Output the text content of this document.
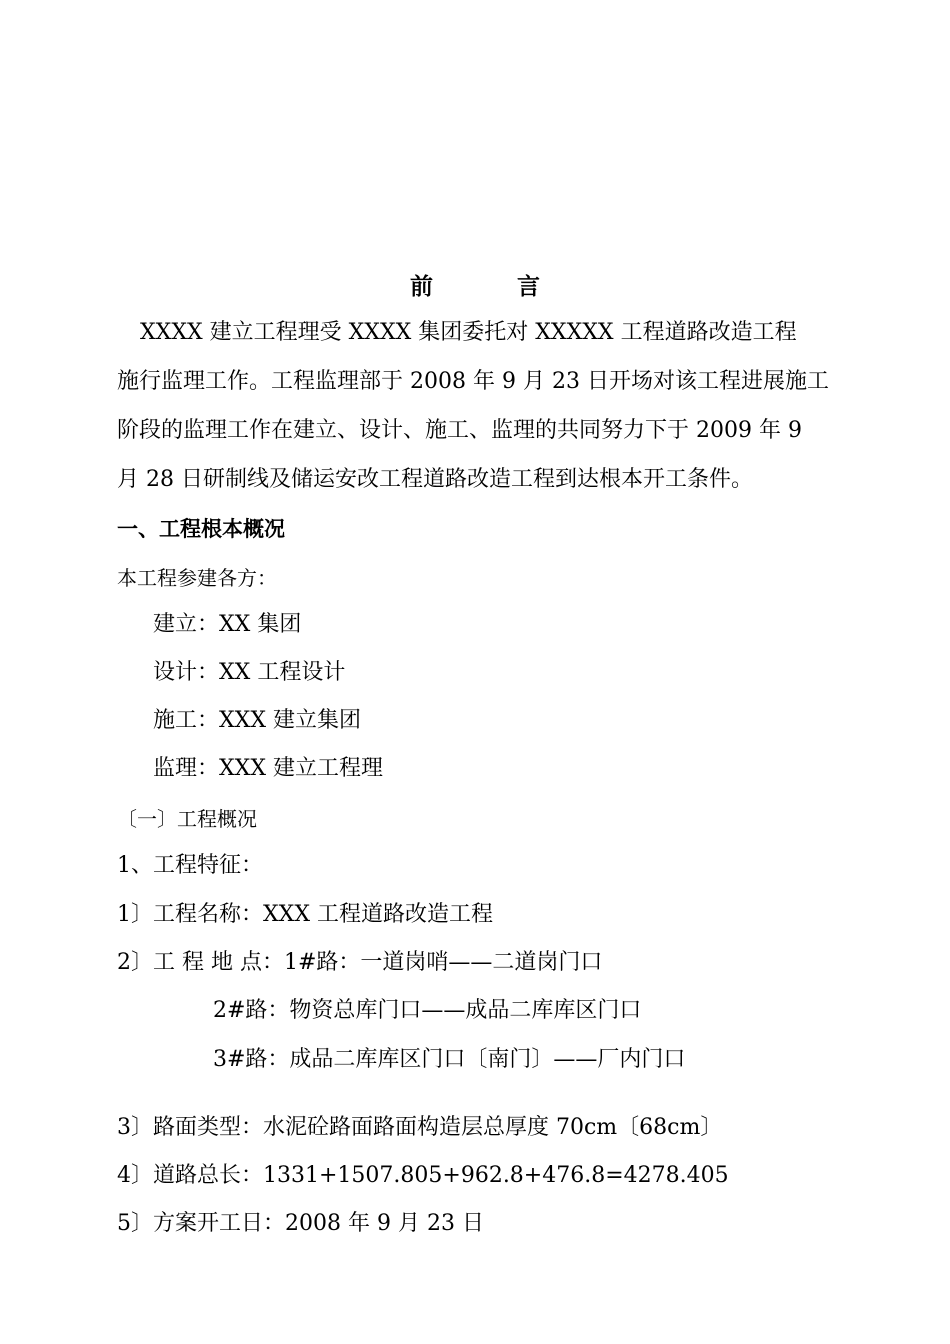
前 言
XXXX 建立工程理受 XXXX 集团委托对 XXXXX 工程道路改造工程
施行监理工作。工程监理部于 2008 年 9 月 23 日开场对该工程进展施工
阶段的监理工作在建立、设计、施工、监理的共同努力下于 2009 年 9
月 28 日研制线及储运安改工程道路改造工程到达根本开工条件。
一、工程根本概况
本工程参建各方：
建立：XX 集团
设计：XX 工程设计
施工：XXX 建立集团
监理：XXX 建立工程理
〔一〕工程概况
1、工程特征：
1〕工程名称：XXX 工程道路改造工程
2〕工 程 地 点：1#路：一道岗哨——二道岗门口
2#路：物资总库门口——成品二库库区门口
3#路：成品二库库区门口〔南门〕——厂内门口
3〕路面类型：水泥砼路面路面构造层总厚度 70cm〔68cm〕
4〕道路总长：1331+1507.805+962.8+476.8=4278.405
5〕方案开工日：2008 年 9 月 23 日
